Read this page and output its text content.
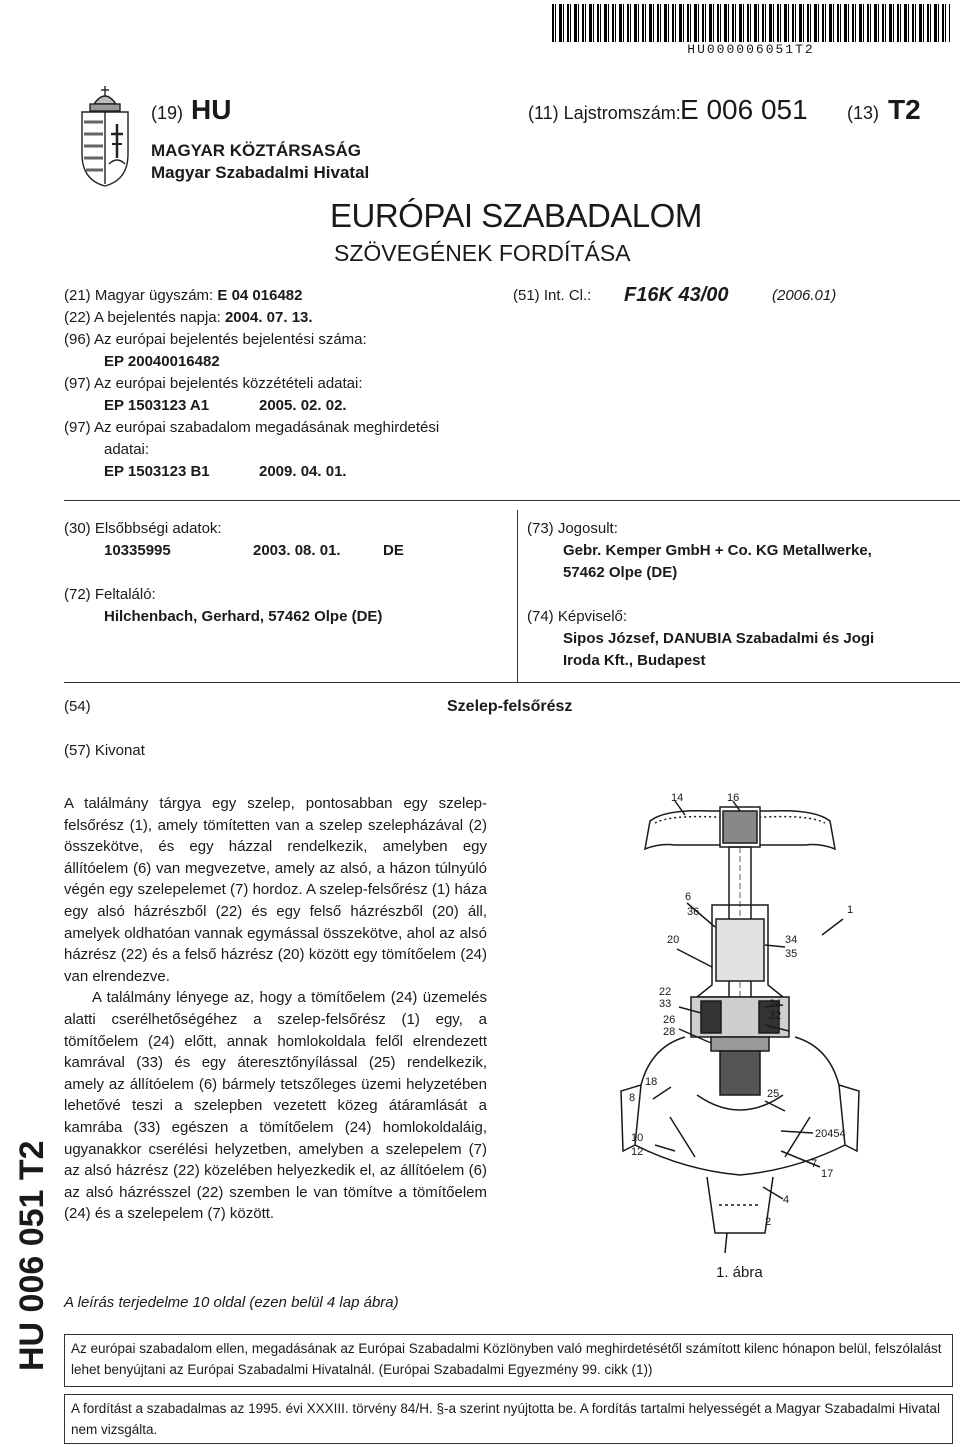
HU000006051T2
(19) HU	(11) Lajstromszám: E 006 051 (13) T2
MAGYAR KÖZTÁRSASÁG
Magyar Szabadalmi Hivatal
EURÓPAI SZABADALOM
SZÖVEGÉNEK FORDÍTÁSA
(21) Magyar ügyszám: E 04 016482
(22) A bejelentés napja: 2004. 07. 13.
(96) Az európai bejelentés bejelentési száma:
EP 20040016482
(97) Az európai bejelentés közzétételi adatai:
EP 1503123 A1	2005. 02. 02.
(97) Az európai szabadalom megadásának meghirdetési
adatai:
EP 1503123 B1	2009. 04. 01.
(51) Int. Cl.: F16K 43/00	(2006.01)
(30) Elsőbbségi adatok:
10335995	2003. 08. 01.	DE
(72) Feltaláló:
Hilchenbach, Gerhard, 57462 Olpe (DE)
(73) Jogosult:
Gebr. Kemper GmbH + Co. KG Metallwerke,
57462 Olpe (DE)
(74) Képviselő:
Sipos József, DANUBIA Szabadalmi és Jogi
Iroda Kft., Budapest
(54)	Szelep-felsőrész
(57) Kivonat

A találmány tárgya egy szelep, pontosabban egy szelep-felsőrész (1), amely tömítetten van a szelep szelepházával (2) összekötve, és egy házzal rendelkezik, amelyben egy állítóelem (6) van megvezetve, amely az alsó, a házon túlnyúló végén egy szelepelemet (7) hordoz. A szelep-felsőrész (1) háza egy alsó házrészből (22) és egy felső házrészből (20) áll, amelyek oldhatóan vannak egymással összekötve, ahol az alsó házrész (22) és a felső házrész (20) között egy tömítőelem (24) van elrendezve.

A találmány lényege az, hogy a tömítőelem (24) üzemelés alatti cserélhetőségéhez a szelep-felsőrész (1) egy, a tömítőelem (24) előtt, annak homlokoldala felől elrendezett kamrával (33) és egy áteresztőnyílással (25) rendelkezik, amely az állítóelem (6) bármely tetszőleges üzemi helyzetében lehetővé teszi a szelepben vezetett közeg átáramlását a kamrába (33) egészen a tömítőelem (24) homlokoldaláig, ugyanakkor cserélési helyzetben, amelyben a szelepelem (7) az alsó házrész (22) közelében helyezkedik el, az állítóelem (6) az alsó házrésszel (22) szemben le van tömítve a tömítőelem (24) és a szelepelem (7) között.

A leírás terjedelme 10 oldal (ezen belül 4 lap ábra)
14	16
6
36	1
20	34
35
22
33
26
28
24
32
18
8	25
20454
10
12
7
17
4
2
1. ábra
Az európai szabadalom ellen, megadásának az Európai Szabadalmi Közlönyben való meghirdetésétől számított kilenc hónapon belül, felszólalást lehet benyújtani az Európai Szabadalmi Hivatalnál. (Európai Szabadalmi Egyezmény 99. cikk (1))
A fordítást a szabadalmas az 1995. évi XXXIII. törvény 84/H. §-a szerint nyújtotta be. A fordítás tartalmi helyességét a Magyar Szabadalmi Hivatal nem vizsgálta.
HU 006 051 T2
